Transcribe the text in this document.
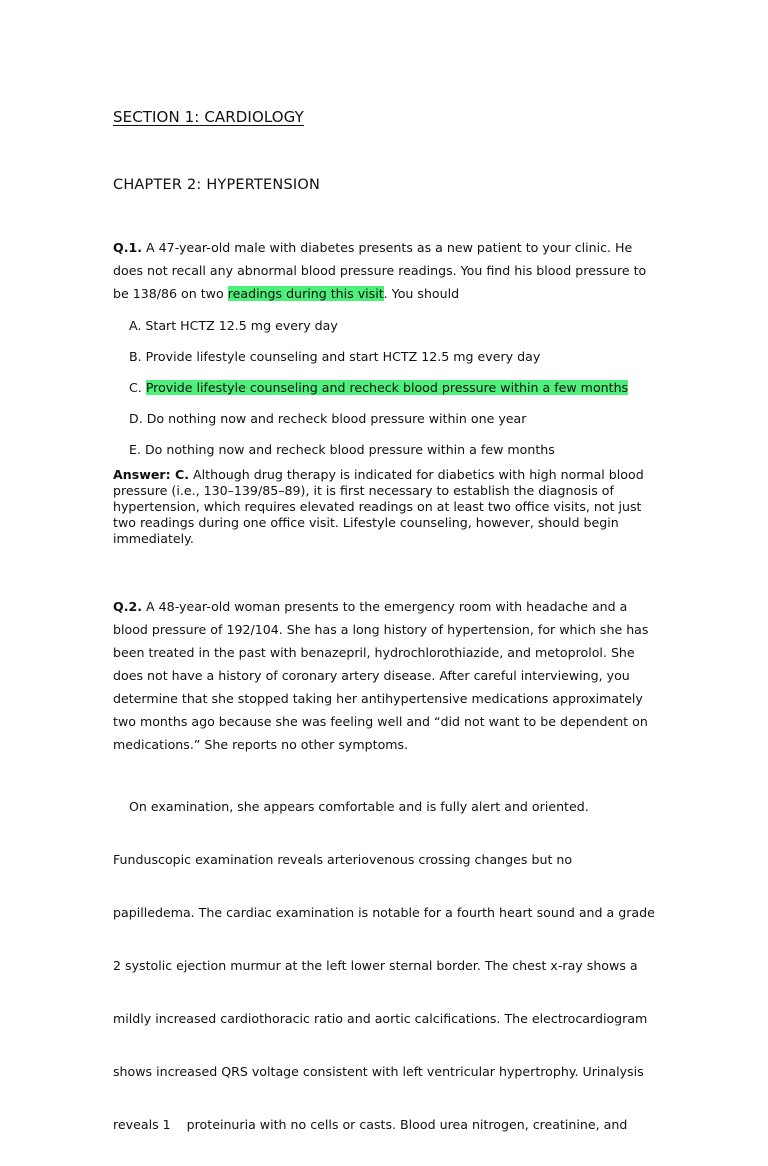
SECTION 1: CARDIOLOGY
CHAPTER 2: HYPERTENSION
Q.1. A 47-year-old male with diabetes presents as a new patient to your clinic. He
does not recall any abnormal blood pressure readings. You find his blood pressure to
be 138/86 on two readings during this visit. You should
A. Start HCTZ 12.5 mg every day
B. Provide lifestyle counseling and start HCTZ 12.5 mg every day
C. Provide lifestyle counseling and recheck blood pressure within a few months
D. Do nothing now and recheck blood pressure within one year
E. Do nothing now and recheck blood pressure within a few months
Answer: C. Although drug therapy is indicated for diabetics with high normal blood
pressure (i.e., 130–139/85–89), it is first necessary to establish the diagnosis of
hypertension, which requires elevated readings on at least two office visits, not just
two readings during one office visit. Lifestyle counseling, however, should begin
immediately.
Q.2. A 48-year-old woman presents to the emergency room with headache and a
blood pressure of 192/104. She has a long history of hypertension, for which she has
been treated in the past with benazepril, hydrochlorothiazide, and metoprolol. She
does not have a history of coronary artery disease. After careful interviewing, you
determine that she stopped taking her antihypertensive medications approximately
two months ago because she was feeling well and “did not want to be dependent on
medications.” She reports no other symptoms.

On examination, she appears comfortable and is fully alert and oriented.

Funduscopic examination reveals arteriovenous crossing changes but no

papilledema. The cardiac examination is notable for a fourth heart sound and a grade

2 systolic ejection murmur at the left lower sternal border. The chest x-ray shows a

mildly increased cardiothoracic ratio and aortic calcifications. The electrocardiogram

shows increased QRS voltage consistent with left ventricular hypertrophy. Urinalysis

reveals 1    proteinuria with no cells or casts. Blood urea nitrogen, creatinine, and
